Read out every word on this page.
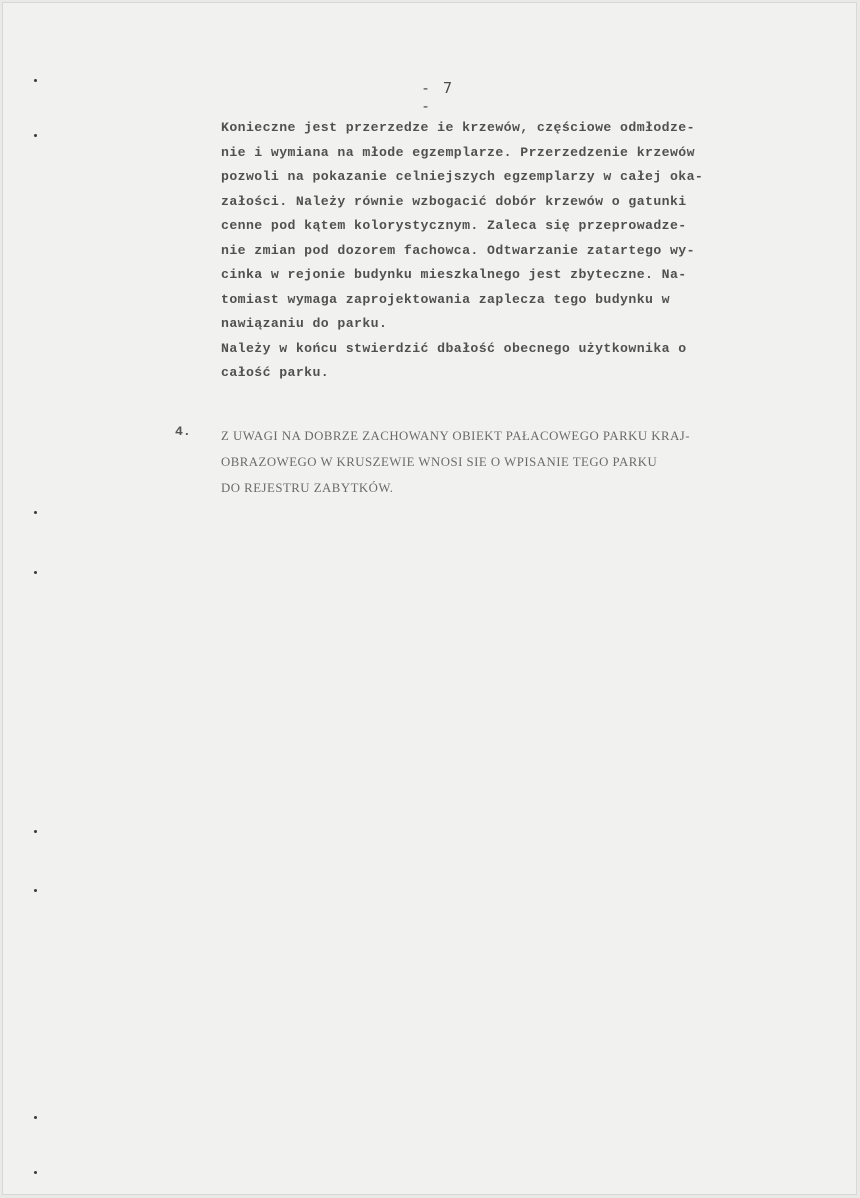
- 7 -

Konieczne jest przerzedze ie krzewów, częściowe odmłodze-
nie i wymiana na młode egzemplarze. Przerzedzenie krzewów
pozwoli na pokazanie celniejszych egzemplarzy w całej oka-
załości. Należy równie wzbogacić dobór krzewów o gatunki
cenne pod kątem kolorystycznym. Zaleca się przeprowadze-
nie zmian pod dozorem fachowca. Odtwarzanie zatartego wy-
cinka w rejonie budynku mieszkalnego jest zbyteczne. Na-
tomiast wymaga zaprojektowania zaplecza tego budynku w
nawiązaniu do parku.
Należy w końcu stwierdzić dbałość obecnego użytkownika o
całość parku.

4. Z UWAGI NA DOBRZE ZACHOWANY OBIEKT PAŁACOWEGO PARKU KRAJ-
OBRAZOWEGO W KRUSZEWIE WNOSI SIE O WPISANIE TEGO PARKU
DO REJESTRU ZABYTKÓW.
